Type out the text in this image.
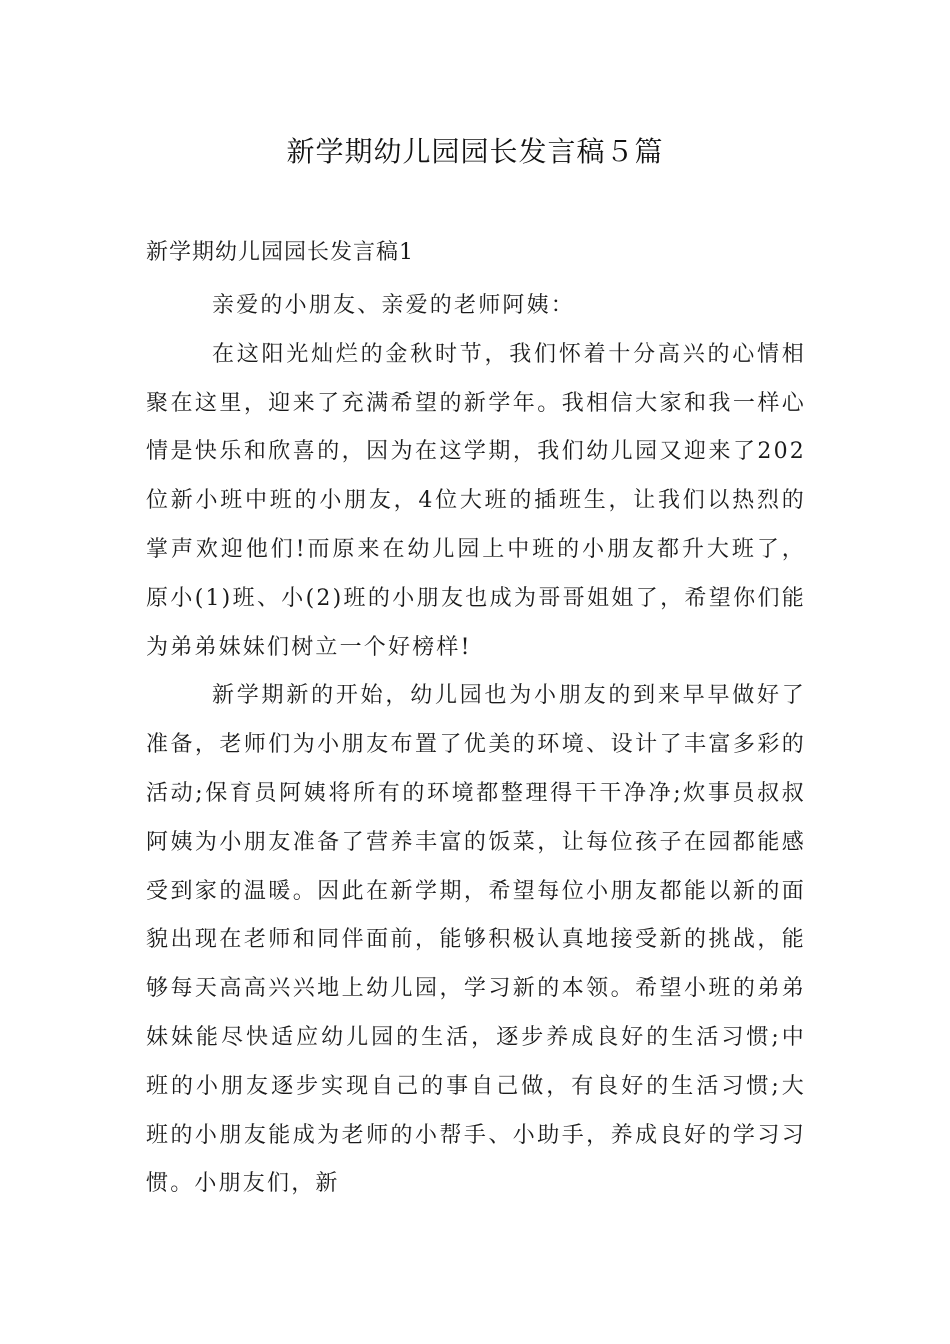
新学期幼儿园园长发言稿５篇
新学期幼儿园园长发言稿1

亲爱的小朋友、亲爱的老师阿姨：

在这阳光灿烂的金秋时节，我们怀着十分高兴的心情相聚在这里，迎来了充满希望的新学年。我相信大家和我一样心情是快乐和欣喜的，因为在这学期，我们幼儿园又迎来了202位新小班中班的小朋友，4位大班的插班生，让我们以热烈的掌声欢迎他们!而原来在幼儿园上中班的小朋友都升大班了，原小(1)班、小(2)班的小朋友也成为哥哥姐姐了，希望你们能为弟弟妹妹们树立一个好榜样!

新学期新的开始，幼儿园也为小朋友的到来早早做好了准备，老师们为小朋友布置了优美的环境、设计了丰富多彩的活动;保育员阿姨将所有的环境都整理得干干净净;炊事员叔叔阿姨为小朋友准备了营养丰富的饭菜，让每位孩子在园都能感受到家的温暖。因此在新学期，希望每位小朋友都能以新的面貌出现在老师和同伴面前，能够积极认真地接受新的挑战，能够每天高高兴兴地上幼儿园，学习新的本领。希望小班的弟弟妹妹能尽快适应幼儿园的生活，逐步养成良好的生活习惯;中班的小朋友逐步实现自己的事自己做，有良好的生活习惯;大班的小朋友能成为老师的小帮手、小助手，养成良好的学习习惯。小朋友们，新
